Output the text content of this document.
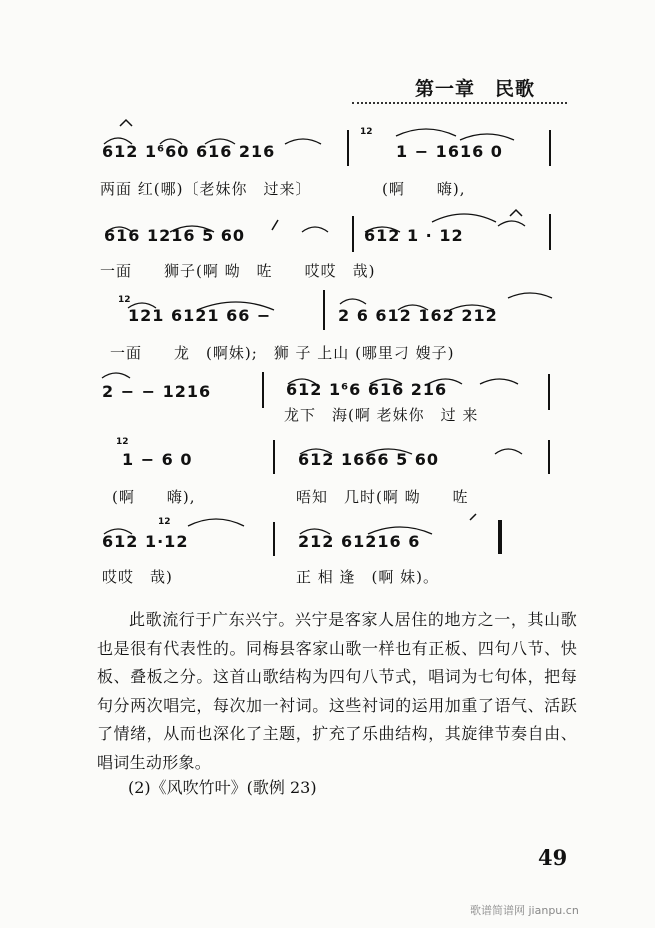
第一章　民歌
612 1⁶60 616 216
12
1 − 1616 0
两面 红(哪)〔老妹你　过来〕	(啊　　嗨),
616 1216 5 60	612 1 · 12
一面　　狮子(啊 呦　咗　　哎哎　哉)
12
121 6121 66 −	2 6 612 162 212
一面　　龙　(啊妹);　狮 子 上山 (哪里刁 嫂子)
2 − − 1216	612 1⁶6 616 216
龙下　海(啊 老妹你　过 来
12
1 − 6 0	612 1666 5 60
(啊　　嗨),	唔知　几时(啊 呦　　咗
612 1·12
12
212 61216 6
哎哎　哉)	正 相 逢　(啊 妹)。
此歌流行于广东兴宁。兴宁是客家人居住的地方之一，其山歌也是很有代表性的。同梅县客家山歌一样也有正板、四句八节、快板、叠板之分。这首山歌结构为四句八节式，唱词为七句体，把每句分两次唱完，每次加一衬词。这些衬词的运用加重了语气、活跃了情绪，从而也深化了主题，扩充了乐曲结构，其旋律节奏自由、唱词生动形象。
(2)《风吹竹叶》(歌例 23)
49
歌谱简谱网 jianpu.cn
